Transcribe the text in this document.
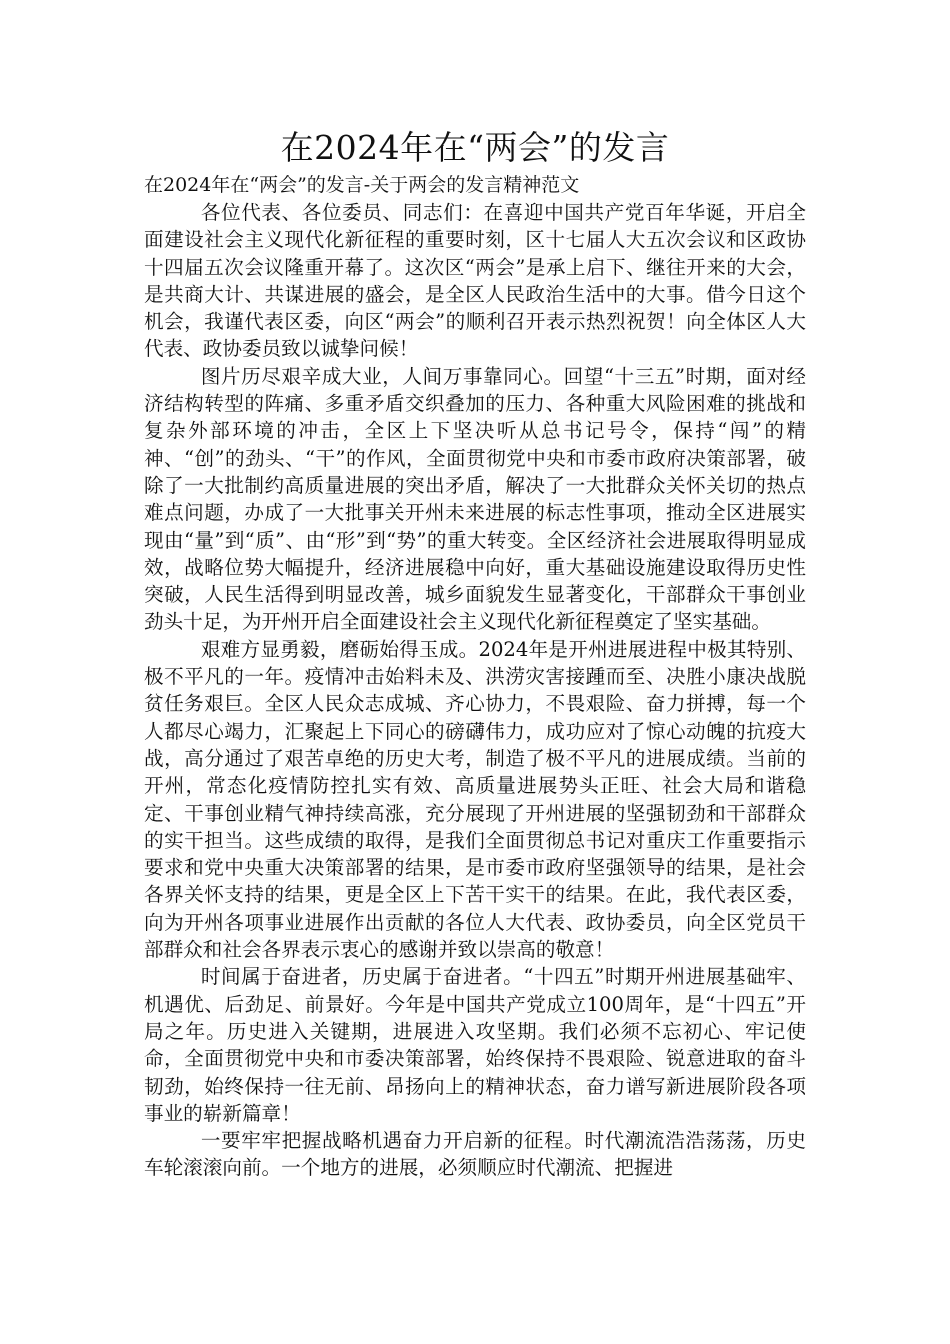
在2024年在“两会”的发言

在2024年在“两会”的发言-关于两会的发言精神范文

各位代表、各位委员、同志们：在喜迎中国共产党百年华诞，开启全面建设社会主义现代化新征程的重要时刻，区十七届人大五次会议和区政协十四届五次会议隆重开幕了。这次区“两会”是承上启下、继往开来的大会，是共商大计、共谋进展的盛会，是全区人民政治生活中的大事。借今日这个机会，我谨代表区委，向区“两会”的顺利召开表示热烈祝贺！向全体区人大代表、政协委员致以诚挚问候！

图片历尽艰辛成大业，人间万事靠同心。回望“十三五”时期，面对经济结构转型的阵痛、多重矛盾交织叠加的压力、各种重大风险困难的挑战和复杂外部环境的冲击，全区上下坚决听从总书记号令，保持“闯”的精神、“创”的劲头、“干”的作风，全面贯彻党中央和市委市政府决策部署，破除了一大批制约高质量进展的突出矛盾，解决了一大批群众关怀关切的热点难点问题，办成了一大批事关开州未来进展的标志性事项，推动全区进展实现由“量”到“质”、由“形”到“势”的重大转变。全区经济社会进展取得明显成效，战略位势大幅提升，经济进展稳中向好，重大基础设施建设取得历史性突破，人民生活得到明显改善，城乡面貌发生显著变化，干部群众干事创业劲头十足，为开州开启全面建设社会主义现代化新征程奠定了坚实基础。

艰难方显勇毅，磨砺始得玉成。2024年是开州进展进程中极其特别、极不平凡的一年。疫情冲击始料未及、洪涝灾害接踵而至、决胜小康决战脱贫任务艰巨。全区人民众志成城、齐心协力，不畏艰险、奋力拼搏，每一个人都尽心竭力，汇聚起上下同心的磅礴伟力，成功应对了惊心动魄的抗疫大战，高分通过了艰苦卓绝的历史大考，制造了极不平凡的进展成绩。当前的开州，常态化疫情防控扎实有效、高质量进展势头正旺、社会大局和谐稳定、干事创业精气神持续高涨，充分展现了开州进展的坚强韧劲和干部群众的实干担当。这些成绩的取得，是我们全面贯彻总书记对重庆工作重要指示要求和党中央重大决策部署的结果，是市委市政府坚强领导的结果，是社会各界关怀支持的结果，更是全区上下苦干实干的结果。在此，我代表区委，向为开州各项事业进展作出贡献的各位人大代表、政协委员，向全区党员干部群众和社会各界表示衷心的感谢并致以崇高的敬意！

时间属于奋进者，历史属于奋进者。“十四五”时期开州进展基础牢、机遇优、后劲足、前景好。今年是中国共产党成立100周年，是“十四五”开局之年。历史进入关键期，进展进入攻坚期。我们必须不忘初心、牢记使命，全面贯彻党中央和市委决策部署，始终保持不畏艰险、锐意进取的奋斗韧劲，始终保持一往无前、昂扬向上的精神状态，奋力谱写新进展阶段各项事业的崭新篇章！

一要牢牢把握战略机遇奋力开启新的征程。时代潮流浩浩荡荡，历史车轮滚滚向前。一个地方的进展，必须顺应时代潮流、把握进
